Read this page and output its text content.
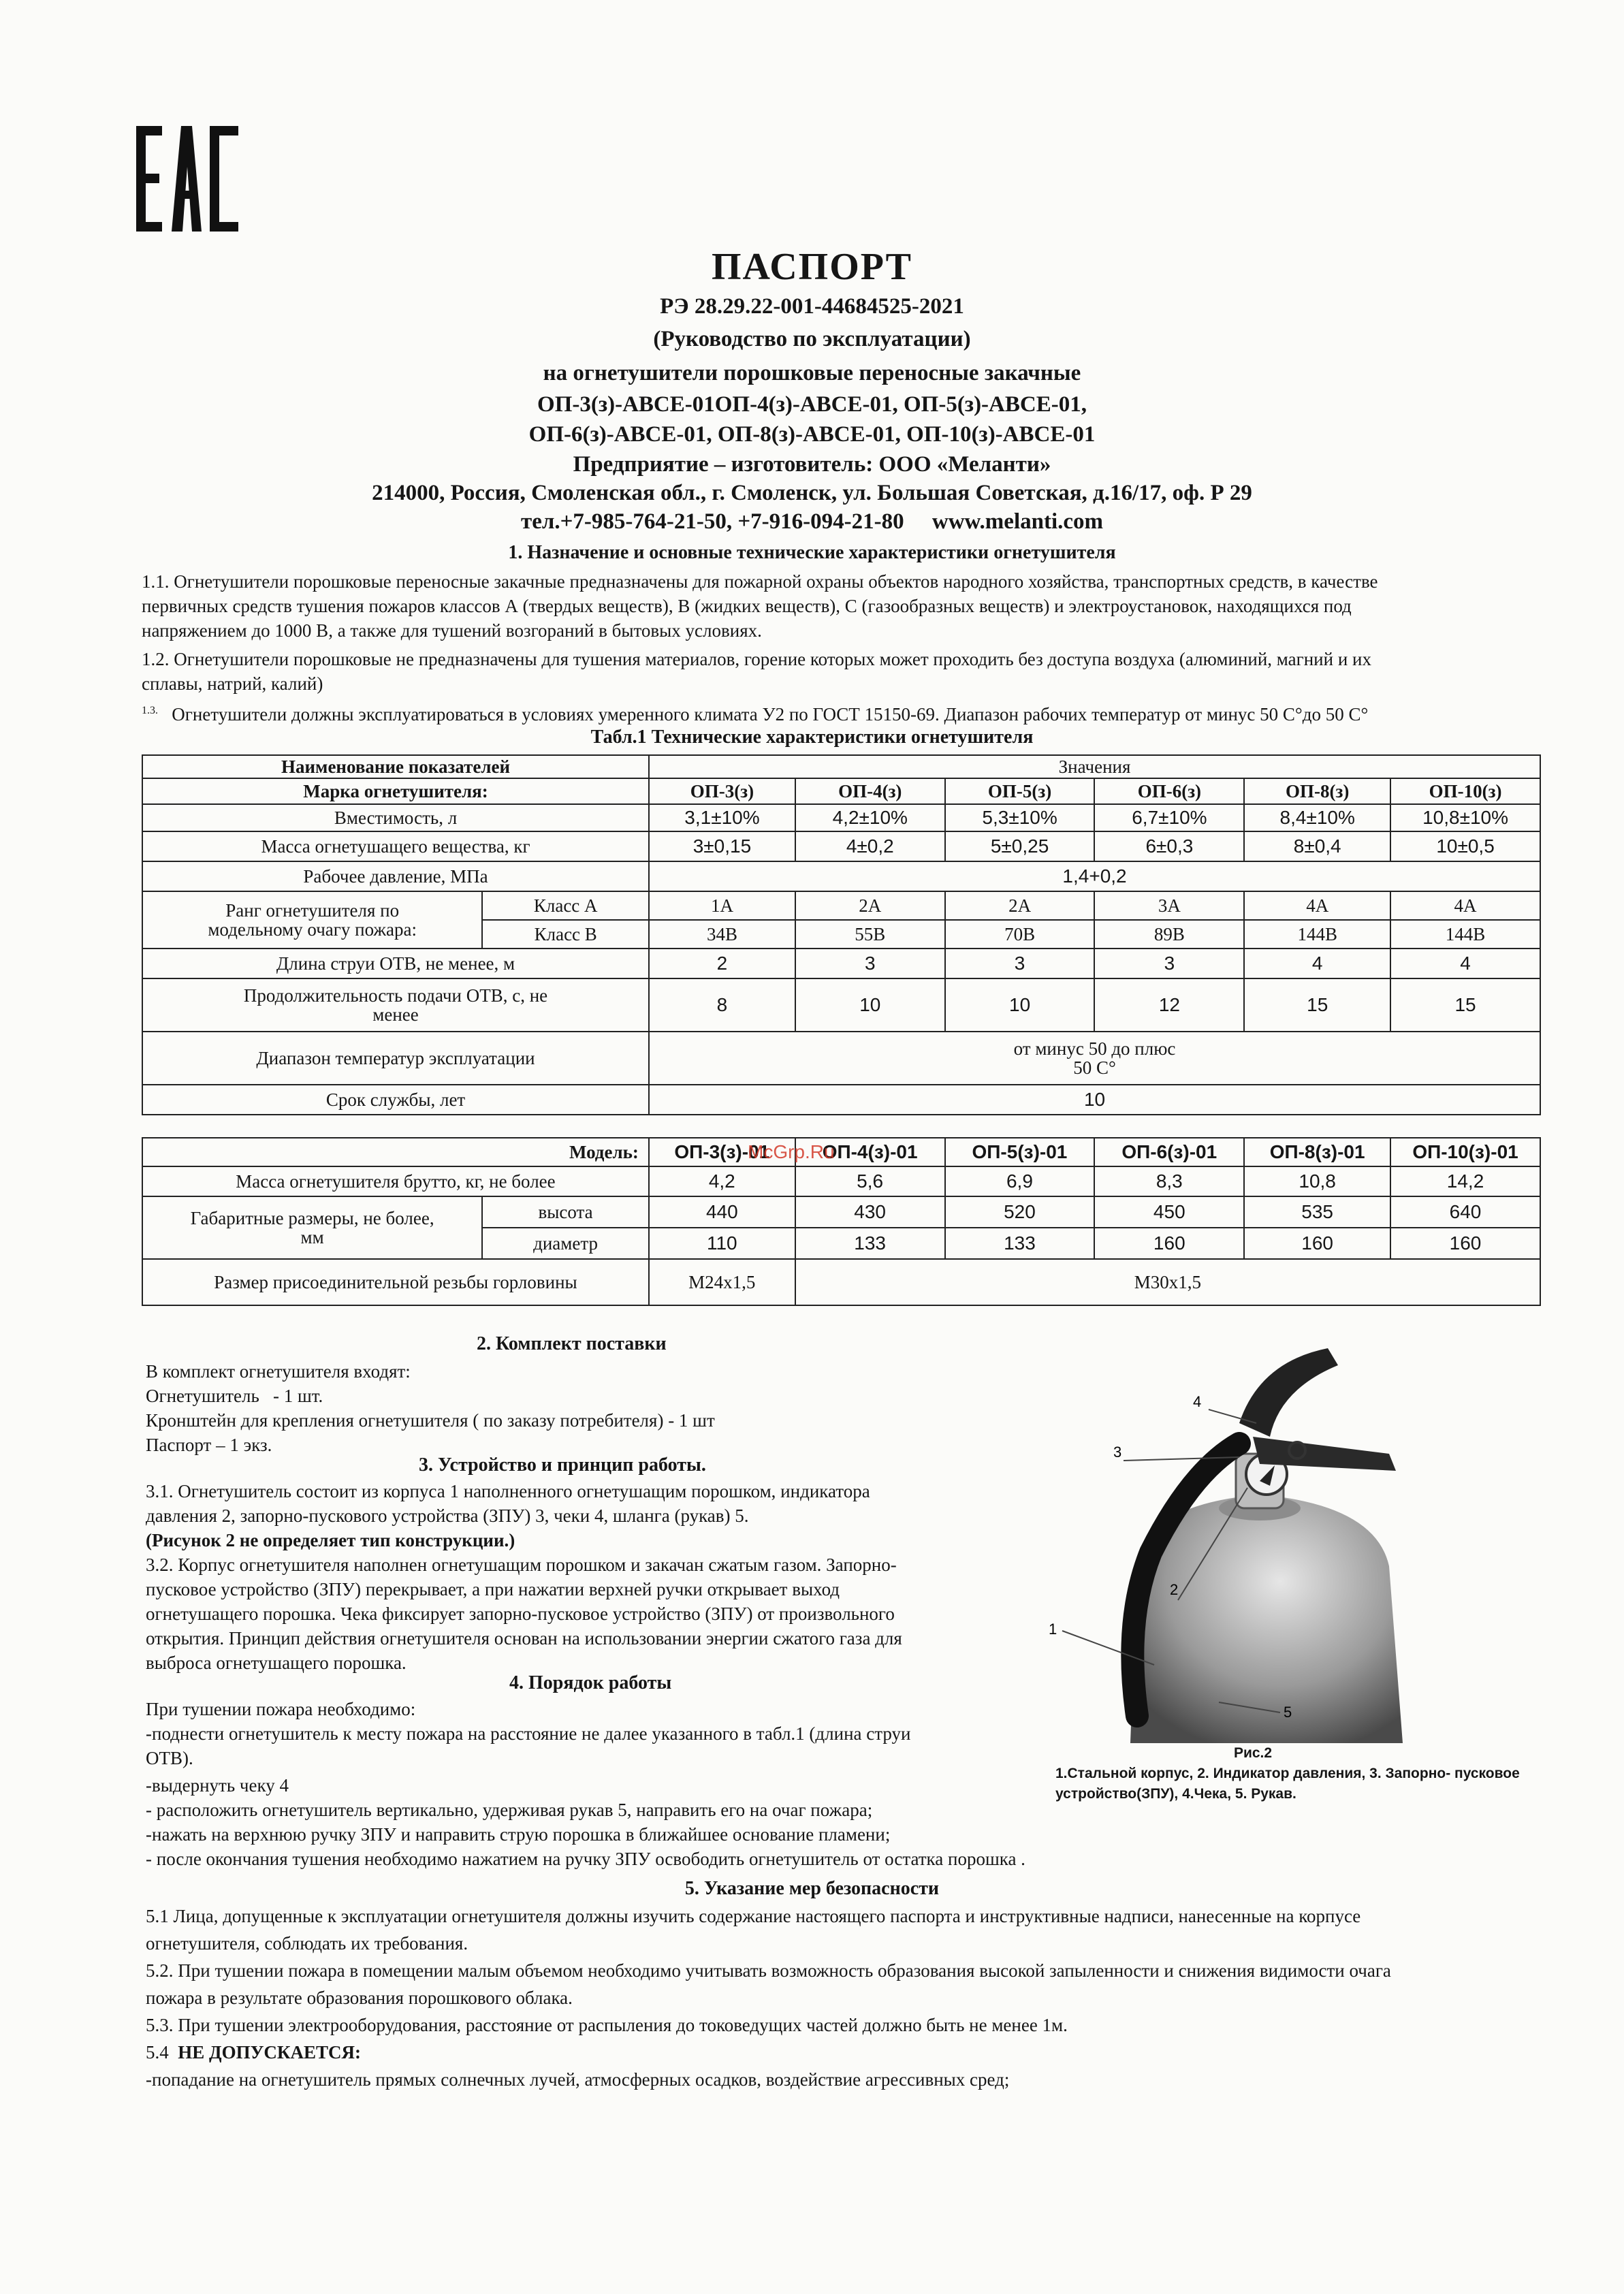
ПАСПОРТ
РЭ 28.29.22-001-44684525-2021
(Руководство по эксплуатации)
на огнетушители порошковые переносные закачные
ОП-3(з)-АВСЕ-01ОП-4(з)-АВСЕ-01, ОП-5(з)-АВСЕ-01,
ОП-6(з)-АВСЕ-01, ОП-8(з)-АВСЕ-01, ОП-10(з)-АВСЕ-01
Предприятие – изготовитель: ООО «Меланти»
214000, Россия, Смоленская обл., г. Смоленск, ул. Большая Советская, д.16/17, оф. Р 29
тел.+7-985-764-21-50, +7-916-094-21-80     www.melanti.com
1. Назначение и основные технические характеристики огнетушителя

1.1. Огнетушители порошковые переносные закачные предназначены для пожарной охраны объектов народного хозяйства, транспортных средств, в качестве

первичных средств тушения пожаров классов А (твердых веществ), В (жидких веществ), С (газообразных веществ) и электроустановок, находящихся под

напряжением до 1000 В, а также для тушений возгораний в бытовых условиях.

1.2. Огнетушители порошковые не предназначены для тушения материалов, горение которых может проходить без доступа воздуха (алюминий, магний и их

сплавы, натрий, калий)

$^{1.3.}$ Огнетушители должны эксплуатироваться в условиях умеренного климата У2 по ГОСТ 15150-69. Диапазон рабочих температур от минус 50 С°до 50 С°

Табл.1 Технические характеристики огнетушителя
Наименование показателей		Значения					
Марка огнетушителя:		ОП-3(з)	ОП-4(з)	ОП-5(з)	ОП-6(з)	ОП-8(з)	ОП-10(з)
Вместимость, л		3,1±10%	4,2±10%	5,3±10%	6,7±10%	8,4±10%	10,8±10%
Масса огнетушащего вещества, кг		3±0,15	4±0,2	5±0,25	6±0,3	8±0,4	10±0,5
Рабочее давление, МПа		1,4+0,2					

Ранг огнетушителя по
модельному очагу пожара:	Класс А	1А	2А	2А	3А	4А	4А
	Класс В	34В	55В	70В	89В	144В	144В
Длина струи ОТВ, не менее, м		2	3	3	3	4	4

Продолжительность подачи ОТВ, с, не
менее		8	10	10	12	15	15
Диапазон температур эксплуатации		от минус 50 до плюс
50 С°					

Срок службы, лет		10					
Модель:		ОП-3(з)-01	ОП-4(з)-01	ОП-5(з)-01	ОП-6(з)-01	ОП-8(з)-01	ОП-10(з)-01
Масса огнетушителя брутто, кг, не более		4,2	5,6	6,9	8,3	10,8	14,2

Габаритные размеры, не более,
мм	высота	440	430	520	450	535	640
	диаметр	110	133	133	160	160	160
Размер присоединительной резьбы горловины		М24х1,5	М30х1,5				
McGrp.Ru
2. Комплект поставки

В комплект огнетушителя входят:

Огнетушитель   - 1 шт.

Кронштейн для крепления огнетушителя ( по заказу потребителя) - 1 шт

Паспорт – 1 экз.

3. Устройство и принцип работы.

3.1. Огнетушитель состоит из корпуса 1 наполненного огнетушащим порошком, индикатора

давления 2, запорно-пускового устройства (ЗПУ) 3, чеки 4, шланга (рукав) 5.

(Рисунок 2 не определяет тип конструкции.)

3.2. Корпус огнетушителя наполнен огнетушащим порошком и закачан сжатым газом. Запорно-

пусковое устройство (ЗПУ) перекрывает, а при нажатии верхней ручки открывает выход

огнетушащего порошка. Чека фиксирует запорно-пусковое устройство (ЗПУ) от произвольного

открытия. Принцип действия огнетушителя основан на использовании энергии сжатого газа для

выброса огнетушащего порошка.

4. Порядок работы

При тушении пожара необходимо:

-поднести огнетушитель к месту пожара на расстояние не далее указанного в табл.1 (длина струи

ОТВ).

-выдернуть чеку 4

- расположить огнетушитель вертикально, удерживая рукав 5, направить его на очаг пожара;

-нажать на верхнюю ручку ЗПУ и направить струю порошка в ближайшее основание пламени;

- после окончания тушения необходимо нажатием на ручку ЗПУ освободить огнетушитель от остатка порошка .

1
2
3
4
5
Рис.2
1.Стальной корпус, 2. Индикатор давления, 3. Запорно- пусковое
устройство(ЗПУ), 4.Чека, 5. Рукав.
5. Указание мер безопасности

5.1 Лица, допущенные к эксплуатации огнетушителя должны изучить содержание настоящего паспорта и инструктивные надписи, нанесенные на корпусе

огнетушителя, соблюдать их требования.

5.2. При тушении пожара в помещении малым объемом необходимо учитывать возможность образования высокой запыленности и снижения видимости очага

пожара в результате образования порошкового облака.

5.3. При тушении электрооборудования, расстояние от распыления до токоведущих частей должно быть не менее 1м.

5.4 НЕ ДОПУСКАЕТСЯ:

-попадание на огнетушитель прямых солнечных лучей, атмосферных осадков, воздействие агрессивных сред;
